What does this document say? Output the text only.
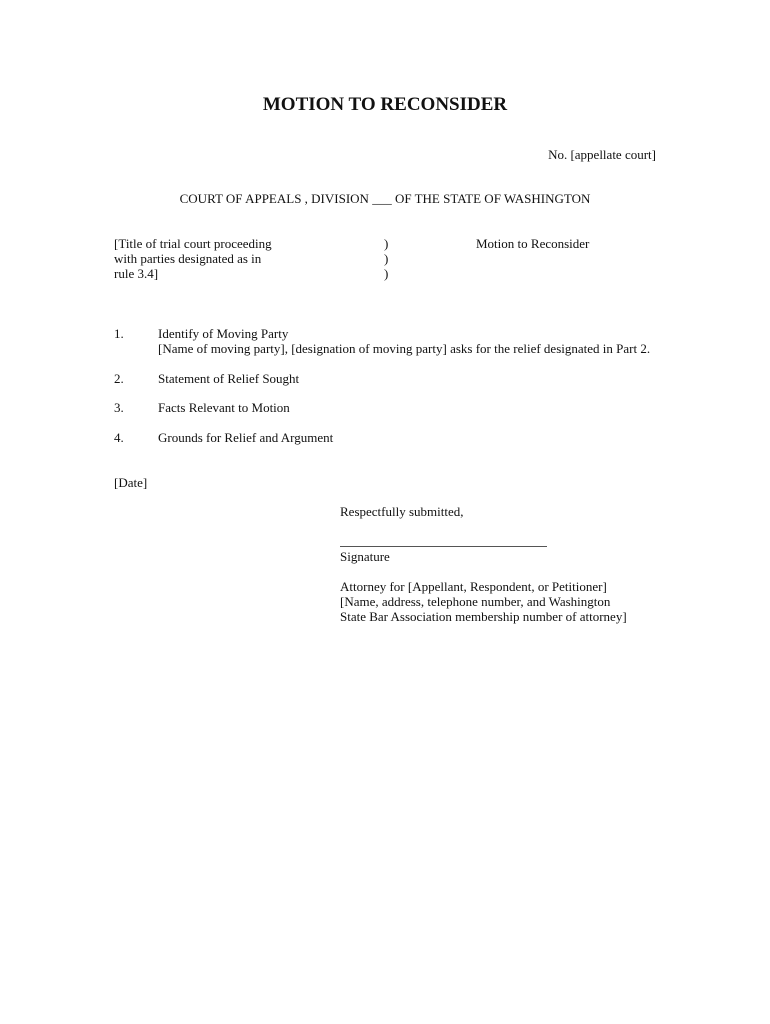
MOTION TO RECONSIDER
No. [appellate court]
COURT OF APPEALS , DIVISION ___ OF THE STATE OF WASHINGTON
[Title of trial court proceeding
with parties designated as in
rule 3.4]
)
)
)
Motion to Reconsider
1.	Identify of Moving Party
[Name of moving party], [designation of moving party] asks for the relief designated in Part 2.
2.	Statement of Relief Sought
3.	Facts Relevant to Motion
4.	Grounds for Relief and Argument
[Date]
Respectfully submitted,
Signature
Attorney for [Appellant, Respondent, or Petitioner]
[Name, address, telephone number, and Washington
State Bar Association membership number of attorney]
